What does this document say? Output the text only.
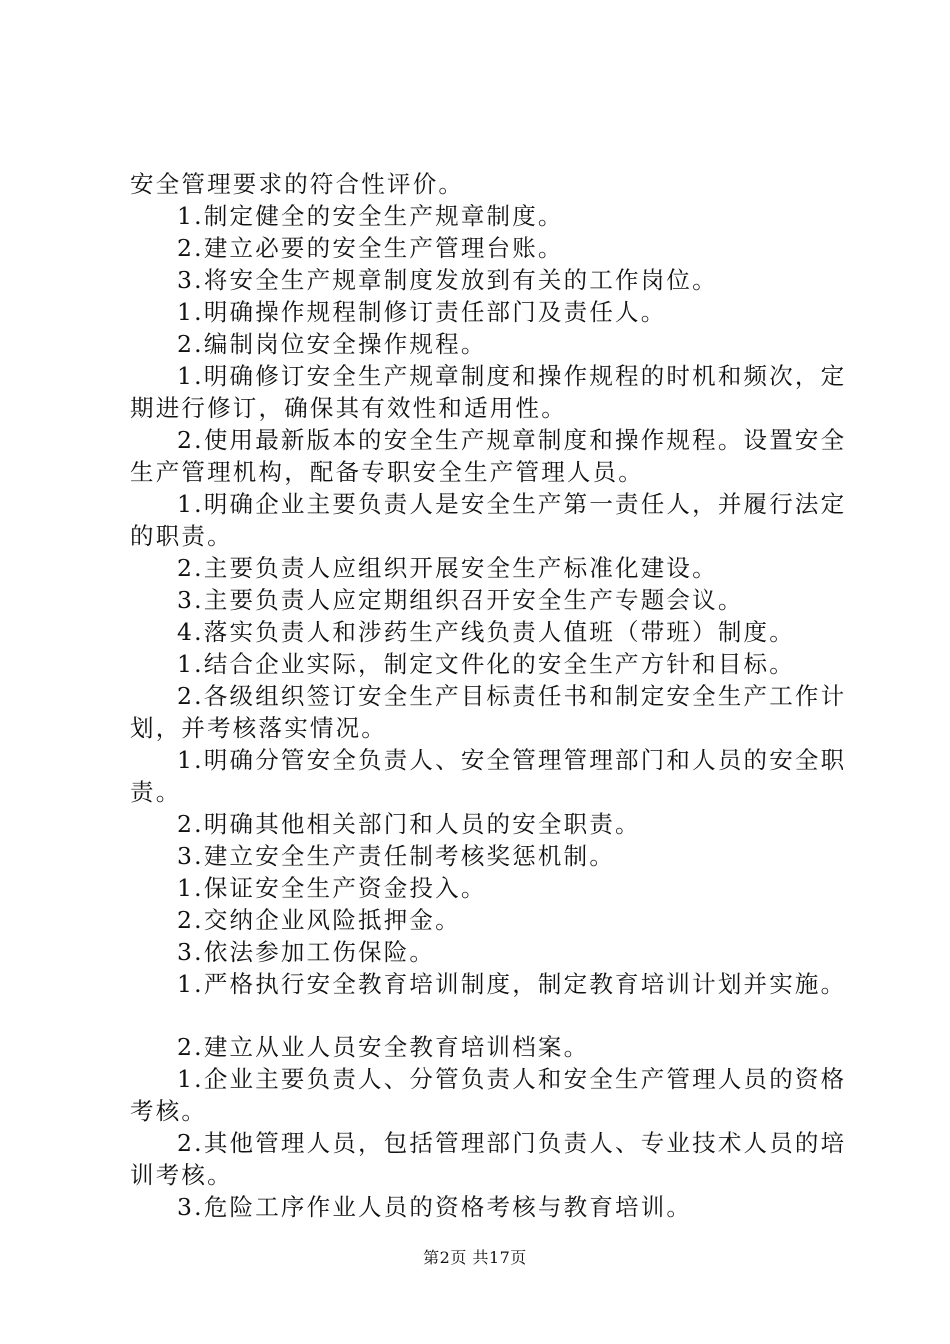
安全管理要求的符合性评价。

1.制定健全的安全生产规章制度。

2.建立必要的安全生产管理台账。

3.将安全生产规章制度发放到有关的工作岗位。

1.明确操作规程制修订责任部门及责任人。

2.编制岗位安全操作规程。

1.明确修订安全生产规章制度和操作规程的时机和频次，定期进行修订，确保其有效性和适用性。

2.使用最新版本的安全生产规章制度和操作规程。设置安全生产管理机构，配备专职安全生产管理人员。

1.明确企业主要负责人是安全生产第一责任人，并履行法定的职责。

2.主要负责人应组织开展安全生产标准化建设。

3.主要负责人应定期组织召开安全生产专题会议。

4.落实负责人和涉药生产线负责人值班（带班）制度。

1.结合企业实际，制定文件化的安全生产方针和目标。

2.各级组织签订安全生产目标责任书和制定安全生产工作计划，并考核落实情况。

1.明确分管安全负责人、安全管理管理部门和人员的安全职责。

2.明确其他相关部门和人员的安全职责。

3.建立安全生产责任制考核奖惩机制。

1.保证安全生产资金投入。

2.交纳企业风险抵押金。

3.依法参加工伤保险。

1.严格执行安全教育培训制度，制定教育培训计划并实施。

2.建立从业人员安全教育培训档案。

1.企业主要负责人、分管负责人和安全生产管理人员的资格考核。

2.其他管理人员，包括管理部门负责人、专业技术人员的培训考核。

3.危险工序作业人员的资格考核与教育培训。

第2页 共17页
